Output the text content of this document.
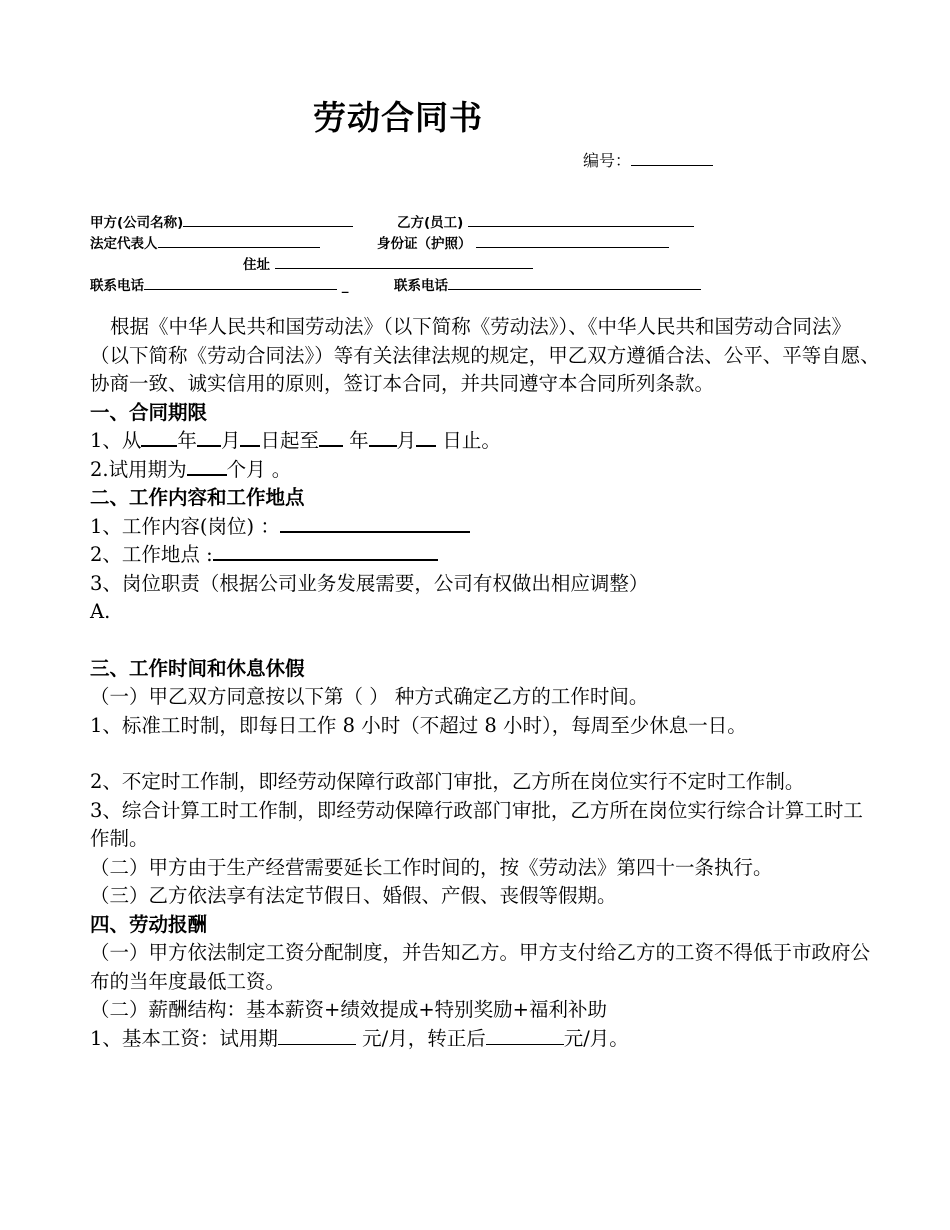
劳动合同书
编号：
甲方(公司名称)	乙方(员工)
法定代表人	身份证（护照）
住址
联系电话	_	联系电话

根据《中华人民共和国劳动法》（以下简称《劳动法》）、《中华人民共和国劳动合同法》（以下简称《劳动合同法》）等有关法律法规的规定，甲乙双方遵循合法、公平、平等自愿、协商一致、诚实信用的原则，签订本合同，并共同遵守本合同所列条款。

一、合同期限
1、从 年 月 日起至 年 月 日止。
2.试用期为 个月 。
二、工作内容和工作地点
1、工作内容(岗位) ：
2、工作地点 :
3、岗位职责（根据公司业务发展需要，公司有权做出相应调整）
A.
三、工作时间和休息休假
（一）甲乙双方同意按以下第（ ） 种方式确定乙方的工作时间。
1、标准工时制，即每日工作 8 小时（不超过 8 小时），每周至少休息一日。
2、不定时工作制，即经劳动保障行政部门审批，乙方所在岗位实行不定时工作制。
3、综合计算工时工作制，即经劳动保障行政部门审批，乙方所在岗位实行综合计算工时工作制。
（二）甲方由于生产经营需要延长工作时间的，按《劳动法》第四十一条执行。
（三）乙方依法享有法定节假日、婚假、产假、丧假等假期。
四、劳动报酬
（一）甲方依法制定工资分配制度，并告知乙方。甲方支付给乙方的工资不得低于市政府公布的当年度最低工资。
（二）薪酬结构：基本薪资+绩效提成+特别奖励+福利补助
1、基本工资：试用期	元/月，转正后	元/月。
